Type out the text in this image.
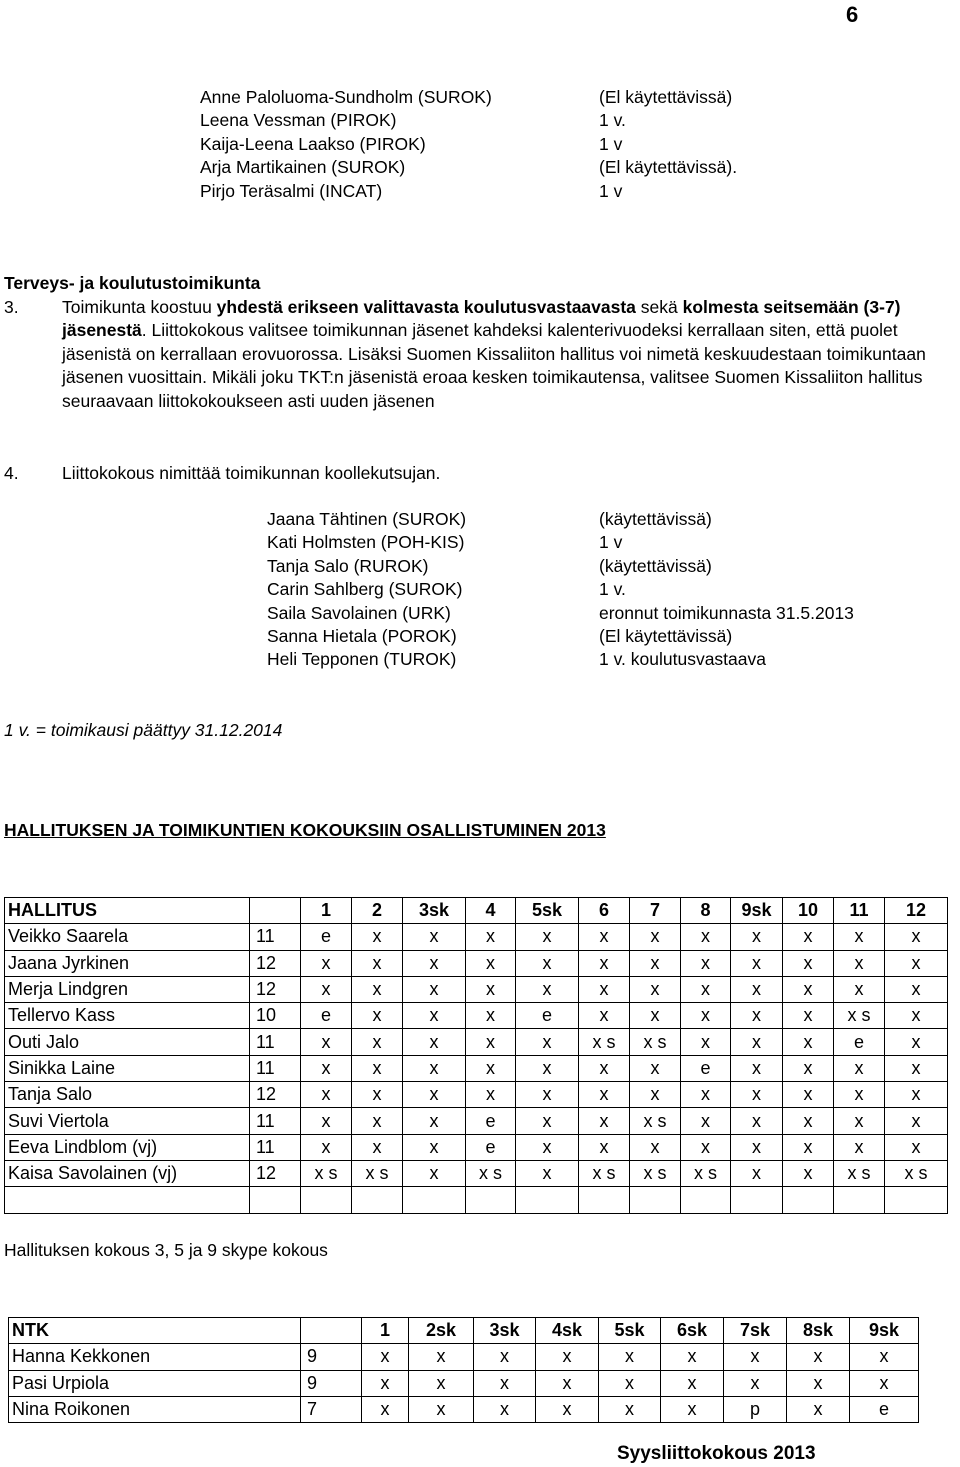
6
Anne Paloluoma-Sundholm (SUROK)	(El käytettävissä)
Leena Vessman (PIROK)	1 v.
Kaija-Leena Laakso (PIROK)	1 v
Arja Martikainen (SUROK)	(El käytettävissä).
Pirjo Teräsalmi (INCAT)	1 v
Terveys- ja koulutustoimikunta
3. Toimikunta koostuu yhdestä erikseen valittavasta koulutusvastaavasta sekä kolmesta seitsemään (3-7) jäsenestä. Liittokokous valitsee toimikunnan jäsenet kahdeksi kalenterivuodeksi kerrallaan siten, että puolet jäsenistä on kerrallaan erovuorossa. Lisäksi Suomen Kissaliiton hallitus voi nimetä keskuudestaan toimikuntaan jäsenen vuosittain. Mikäli joku TKT:n jäsenistä eroaa kesken toimikautensa, valitsee Suomen Kissaliiton hallitus seuraavaan liittokokoukseen asti uuden jäsenen

4. Liittokokous nimittää toimikunnan koollekutsujan.
Jaana Tähtinen (SUROK)	(käytettävissä)
Kati Holmsten (POH-KIS)	1 v
Tanja Salo (RUROK)	(käytettävissä)
Carin Sahlberg (SUROK)	1 v.
Saila Savolainen (URK)	eronnut toimikunnasta 31.5.2013
Sanna Hietala (POROK)	(El käytettävissä)
Heli Tepponen (TUROK)	1 v. koulutusvastaava
1 v. = toimikausi päättyy 31.12.2014
HALLITUKSEN JA TOIMIKUNTIEN KOKOUKSIIN OSALLISTUMINEN 2013
HALLITUS		1	2	3sk	4	5sk	6	7	8	9sk	10	11	12
Veikko Saarela	11	e	x	x	x	x	x	x	x	x	x	x	x
Jaana Jyrkinen	12	x	x	x	x	x	x	x	x	x	x	x	x
Merja Lindgren	12	x	x	x	x	x	x	x	x	x	x	x	x
Tellervo Kass	10	e	x	x	x	e	x	x	x	x	x	x s	x
Outi Jalo	11	x	x	x	x	x	x s	x s	x	x	x	e	x
Sinikka Laine	11	x	x	x	x	x	x	x	e	x	x	x	x
Tanja Salo	12	x	x	x	x	x	x	x	x	x	x	x	x
Suvi Viertola	11	x	x	x	e	x	x	x s	x	x	x	x	x
Eeva Lindblom (vj)	11	x	x	x	e	x	x	x	x	x	x	x	x
Kaisa Savolainen (vj)	12	x s	x s	x	x s	x	x s	x s	x s	x	x	x s	x s

Hallituksen kokous 3, 5 ja 9 skype kokous
NTK		1	2sk	3sk	4sk	5sk	6sk	7sk	8sk	9sk
Hanna Kekkonen	9	x	x	x	x	x	x	x	x	x
Pasi Urpiola	9	x	x	x	x	x	x	x	x	x
Nina Roikonen	7	x	x	x	x	x	x	p	x	e
Syysliittokokous 2013
